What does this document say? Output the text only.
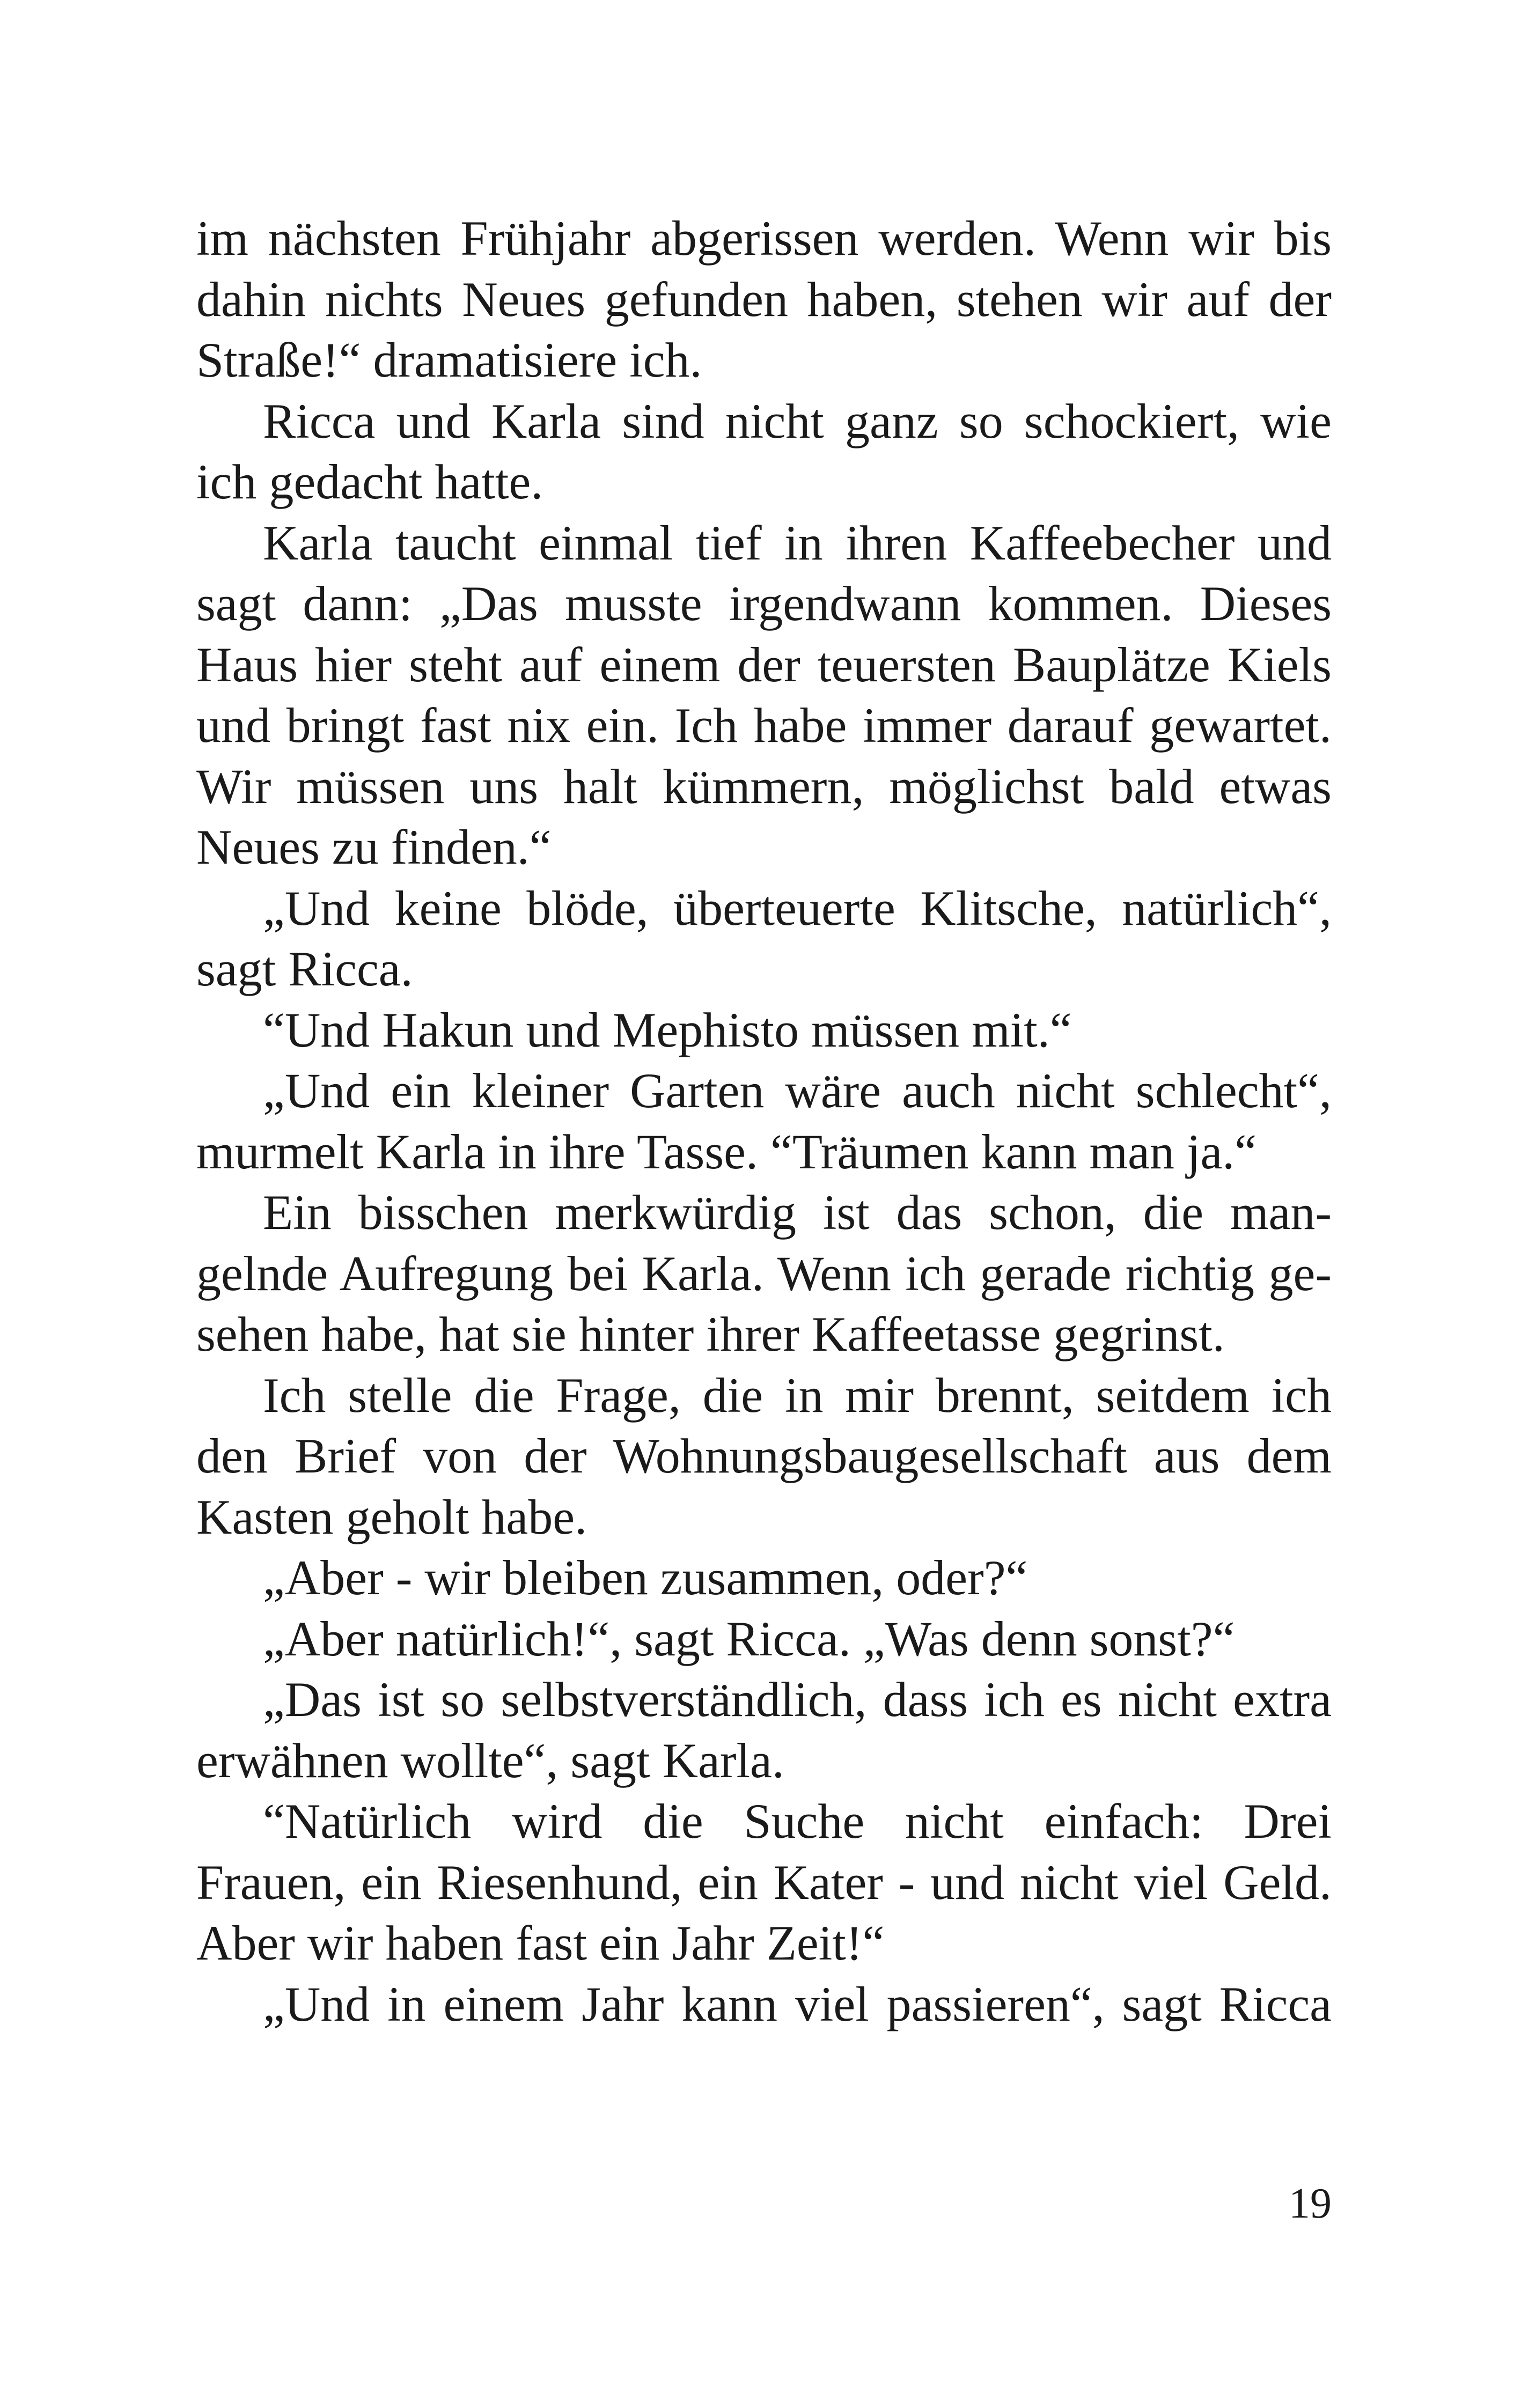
im nächsten Frühjahr abgerissen werden. Wenn wir bis
dahin nichts Neues gefunden haben, stehen wir auf der
Straße!“ dramatisiere ich.
Ricca und Karla sind nicht ganz so schockiert, wie
ich gedacht hatte.
Karla taucht einmal tief in ihren Kaffeebecher und
sagt dann: „Das musste irgendwann kommen. Dieses
Haus hier steht auf einem der teuersten Bauplätze Kiels
und bringt fast nix ein. Ich habe immer darauf gewartet.
Wir müssen uns halt kümmern, möglichst bald etwas
Neues zu finden.“
„Und keine blöde, überteuerte Klitsche, natürlich“,
sagt Ricca.
“Und Hakun und Mephisto müssen mit.“
„Und ein kleiner Garten wäre auch nicht schlecht“,
murmelt Karla in ihre Tasse. “Träumen kann man ja.“
Ein bisschen merkwürdig ist das schon, die man-
gelnde Aufregung bei Karla. Wenn ich gerade richtig ge-
sehen habe, hat sie hinter ihrer Kaffeetasse gegrinst.
Ich stelle die Frage, die in mir brennt, seitdem ich
den Brief von der Wohnungsbaugesellschaft aus dem
Kasten geholt habe.
„Aber - wir bleiben zusammen, oder?“
„Aber natürlich!“, sagt Ricca. „Was denn sonst?“
„Das ist so selbstverständlich, dass ich es nicht extra
erwähnen wollte“, sagt Karla.
“Natürlich wird die Suche nicht einfach: Drei
Frauen, ein Riesenhund, ein Kater - und nicht viel Geld.
Aber wir haben fast ein Jahr Zeit!“
„Und in einem Jahr kann viel passieren“, sagt Ricca
19
